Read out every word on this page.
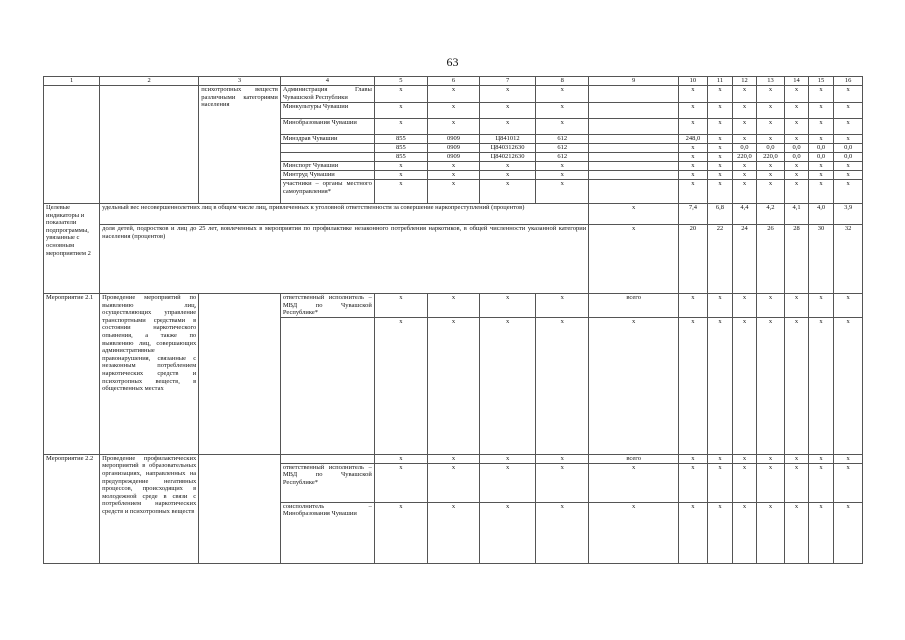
63
1	2	3	4	5	6	7	8	9	10	11	12	13	14	15	16
		психотропных веществ различными категориями населения	Администрация Главы Чувашской Республики	x	x	x	x		x	x	x	x	x	x	x
			Минкультуры Чувашии	x	x	x	x		x	x	x	x	x	x	x
			Минобразования Чувашии	x	x	x	x		x	x	x	x	x	x	x
			Минздрав Чувашии	855	0909	Ц841012	612		248,0	x	x	x	x	x	x
				855	0909	Ц840312630	612		x	x	0,0	0,0	0,0	0,0	0,0
				855	0909	Ц840212630	612		x	x	220,0	220,0	0,0	0,0	0,0
			Минспорт Чувашии	x	x	x	x		x	x	x	x	x	x	x
			Минтруд Чувашии	x	x	x	x		x	x	x	x	x	x	x
			участники – органы местного самоуправления*	x	x	x	x		x	x	x	x	x	x	x
Целевые индикаторы и показатели подпрограммы, увязанные с основным мероприятием 2	удельный вес несовершеннолетних лиц в общем числе лиц, привлеченных к уголовной ответственности за совершение наркопреступлений (процентов)							x	7,4	6,8	4,4	4,2	4,1	4,0	3,9
	доля детей, подростков и лиц до 25 лет, вовлеченных в мероприятия по профилактике незаконного потребления наркотиков, в общей численности указанной категории населения (процентов)							x	20	22	24	26	28	30	32
Мероприятие 2.1	Проведение мероприятий по выявлению лиц, осуществляющих управление транспортными средствами в состоянии наркотического опьянения, а также по выявлению лиц, совершающих административные правонарушения, связанные с незаконным потреблением наркотических средств и психотропных веществ, в общественных местах		ответственный исполнитель – МВД по Чувашской Республике*	x	x	x	x	всего	x	x	x	x	x	x	x
				x	x	x	x	x	x	x	x	x	x	x	x
Мероприятие 2.2	Проведение профилактических мероприятий в образовательных организациях, направленных на предупреждение негативных процессов, происходящих в молодежной среде в связи с потреблением наркотических средств и психотропных веществ			x	x	x	x	всего	x	x	x	x	x	x	x
			ответственный исполнитель – МВД по Чувашской Республике*	x	x	x	x	x	x	x	x	x	x	x	x
			соисполнитель – Минобразования Чувашии	x	x	x	x	x	x	x	x	x	x	x	x
